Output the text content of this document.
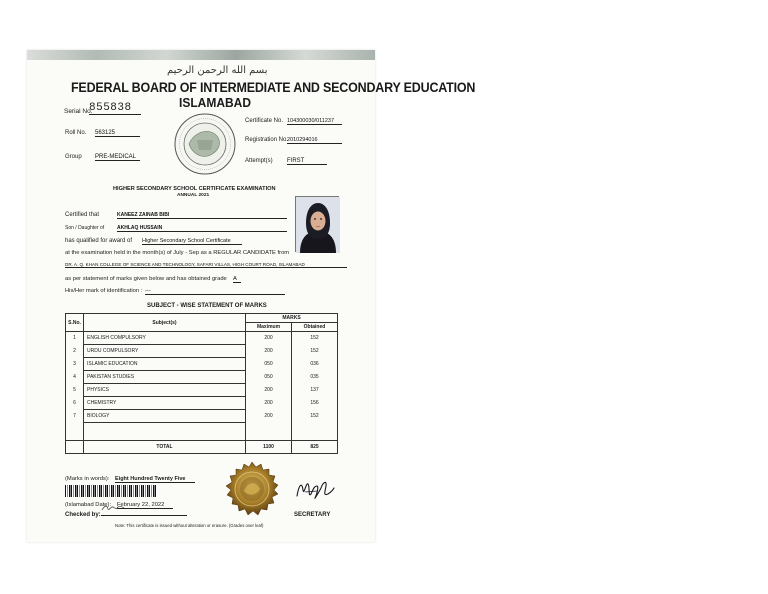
بسم الله الرحمن الرحيم
FEDERAL BOARD OF INTERMEDIATE AND SECONDARY EDUCATION
ISLAMABAD
Serial No.
855838
Certificate No. 104300030/011237
Roll No. 563125
Registration No.
2010294016
Group PRE-MEDICAL
Attempt(s) FIRST
HIGHER SECONDARY SCHOOL CERTIFICATE EXAMINATION
ANNUAL 2021
Certified that	KANEEZ ZAINAB BIBI
Son / Daughter of	AKHLAQ HUSSAIN
has qualified for award of Higher Secondary School Certificate
at the examination held in the month(s) of July - Sep as a REGULAR CANDIDATE from
DR. A. Q. KHAN COLLEGE OF SCIENCE AND TECHNOLOGY, SAFARI VILLAS, HIGH COURT ROAD, ISLAMABAD
as per statement of marks given below and has obtained grade A
His/Her mark of identification : ---
SUBJECT - WISE STATEMENT OF MARKS
S.No.	Subject(s)	MARKS	
		Maximum	Obtained
1	ENGLISH COMPULSORY	200	152
2	URDU COMPULSORY	200	152
3	ISLAMIC EDUCATION	050	036
4	PAKISTAN STUDIES	050	035
5	PHYSICS	200	137
6	CHEMISTRY	200	156
7	BIOLOGY	200	152

	TOTAL	1100	825
(Marks in words): Eight Hundred Twenty Five
(Islamabad Date): February 22, 2022
Checked by:	SECRETARY
Note: This certificate is issued without alteration or erasure. (Grades over leaf)
